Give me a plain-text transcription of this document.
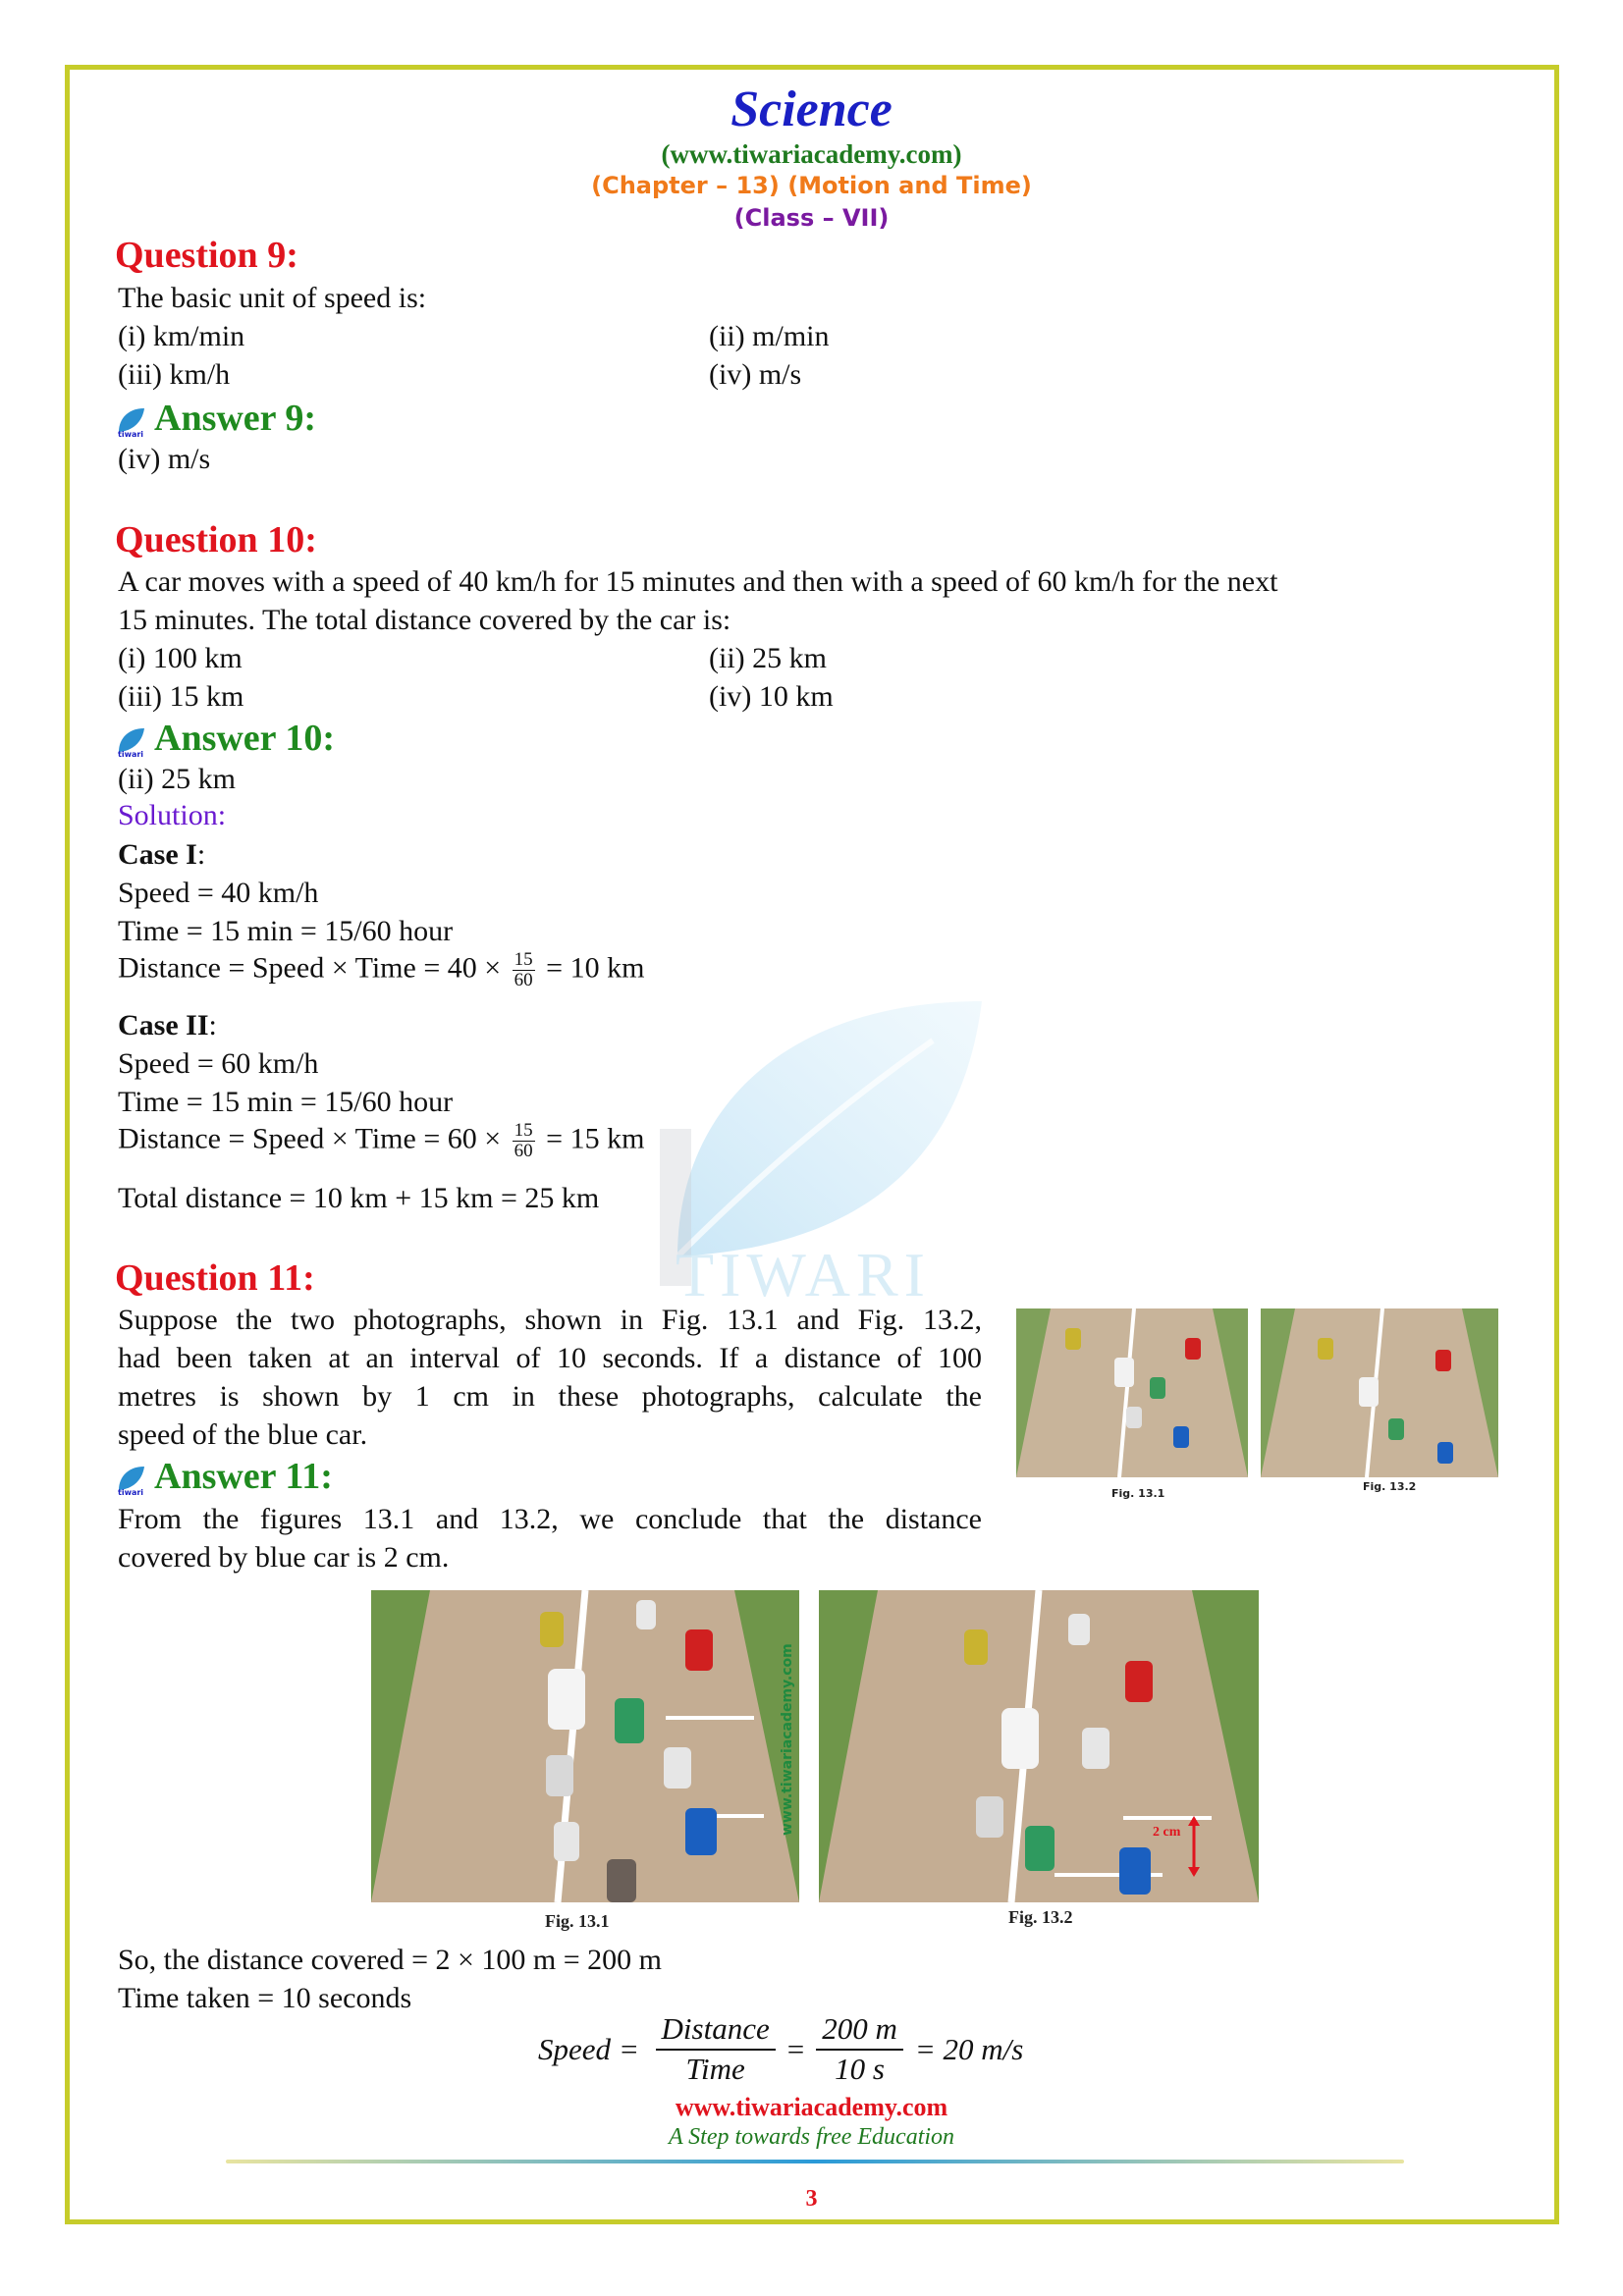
TIWARI
Science
(www.tiwariacademy.com)
(Chapter – 13) (Motion and Time)
(Class – VII)
Question 9:
The basic unit of speed is:
(i) km/min	(ii) m/min
(iii) km/h	(iv) m/s
tiwari Answer 9:
(iv) m/s
Question 10:
A car moves with a speed of 40 km/h for 15 minutes and then with a speed of 60 km/h for the next
15 minutes. The total distance covered by the car is:
(i) 100 km	(ii) 25 km
(iii) 15 km	(iv) 10 km
tiwari Answer 10:
(ii) 25 km
Solution:
Case I:
Speed = 40 km/h
Time = 15 min = 15/60 hour
Distance = Speed × Time = $40 \times \frac{15}{60} = 10$ km
Case II:
Speed = 60 km/h
Time = 15 min = 15/60 hour
Distance = Speed × Time = $60 \times \frac{15}{60} = 15$ km
Total distance = 10 km + 15 km = 25 km
Question 11:
Suppose the two photographs, shown in Fig. 13.1 and Fig. 13.2,
had been taken at an interval of 10 seconds. If a distance of 100
metres is shown by 1 cm in these photographs, calculate the
speed of the blue car.
Fig. 13.1
Fig. 13.2
tiwari Answer 11:
From the figures 13.1 and 13.2, we conclude that the distance
covered by blue car is 2 cm.
www.tiwariacademy.com	2 cm
Fig. 13.1	Fig. 13.2
So, the distance covered = 2 × 100 m = 200 m
Time taken = 10 seconds
Speed = $\frac{\text{Distance}}{\text{Time}} = \frac{200 m}{10 s} = 20$ m/s
www.tiwariacademy.com
A Step towards free Education
3
